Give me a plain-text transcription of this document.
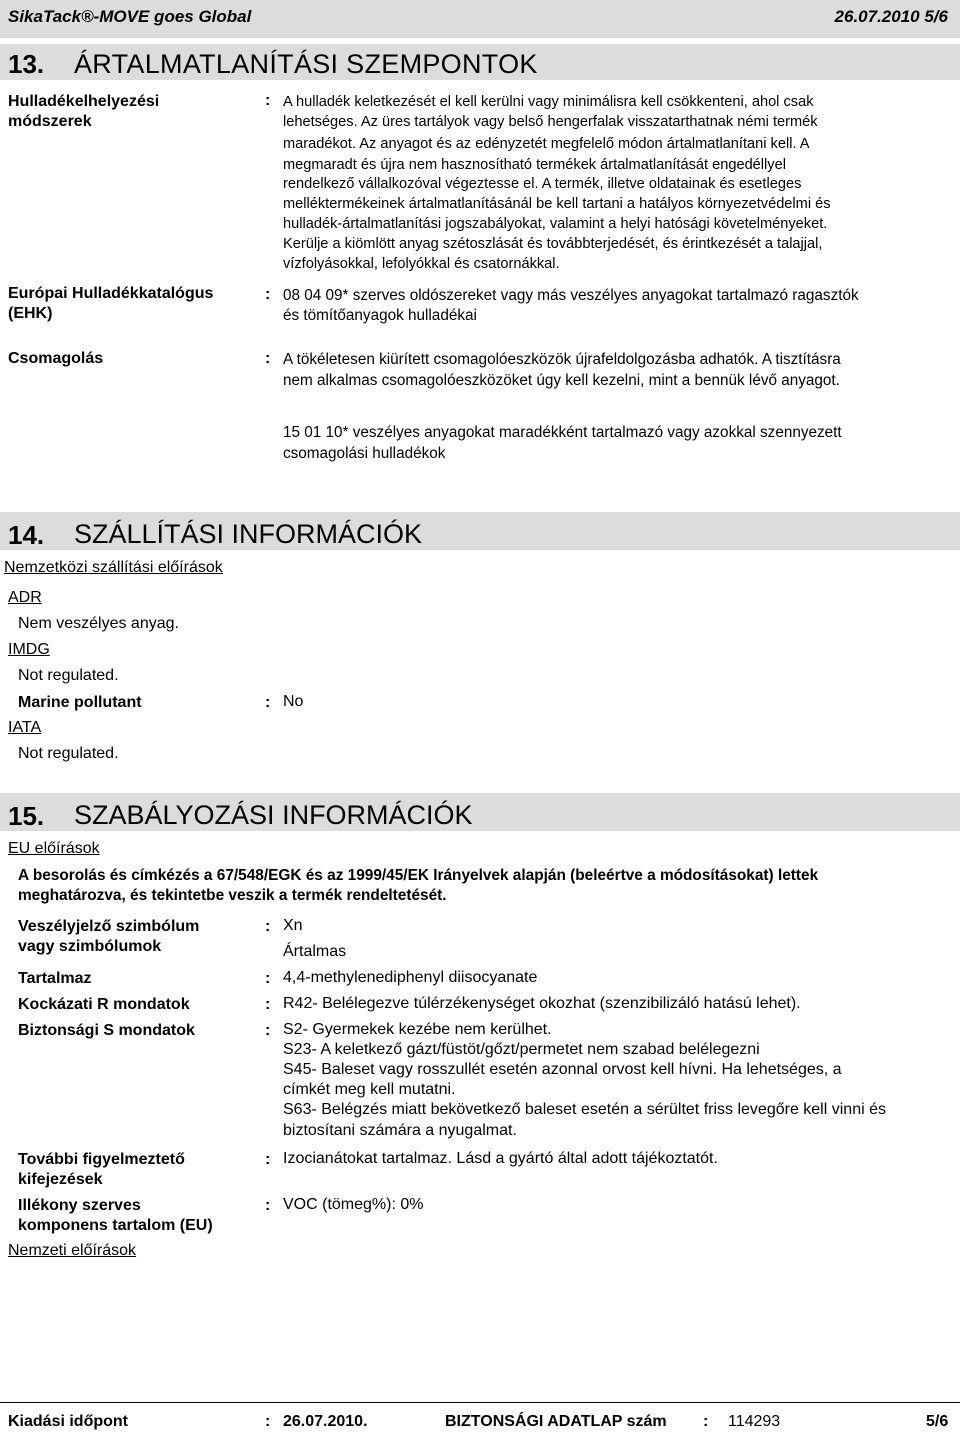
SikaTack®-MOVE goes Global	26.07.2010 5/6
13. ÁRTALMATLANÍTÁSI SZEMPONTOK
Hulladékelhelyezési
módszerek
: A hulladék keletkezését el kell kerülni vagy minimálisra kell csökkenteni, ahol csak
lehetséges. Az üres tartályok vagy belső hengerfalak visszatarthatnak némi termék
maradékot. Az anyagot és az edényzetét megfelelő módon ártalmatlanítani kell. A
megmaradt és újra nem hasznosítható termékek ártalmatlanítását engedéllyel
rendelkező vállalkozóval végeztesse el. A termék, illetve oldatainak és esetleges
melléktermékeinek ártalmatlanításánál be kell tartani a hatályos környezetvédelmi és
hulladék-ártalmatlanítási jogszabályokat, valamint a helyi hatósági követelményeket.
Kerülje a kiömlött anyag szétoszlását és továbbterjedését, és érintkezését a talajjal,
vízfolyásokkal, lefolyókkal és csatornákkal.
Európai Hulladékkatalógus
(EHK)
: 08 04 09* szerves oldószereket vagy más veszélyes anyagokat tartalmazó ragasztók
és tömítőanyagok hulladékai
Csomagolás	: A tökéletesen kiürített csomagolóeszközök újrafeldolgozásba adhatók. A tisztításra
nem alkalmas csomagolóeszközöket úgy kell kezelni, mint a bennük lévő anyagot.
15 01 10* veszélyes anyagokat maradékként tartalmazó vagy azokkal szennyezett
csomagolási hulladékok
14. SZÁLLÍTÁSI INFORMÁCIÓK
Nemzetközi szállítási előírások
ADR
Nem veszélyes anyag.
IMDG
Not regulated.
Marine pollutant	: No
IATA
Not regulated.
15. SZABÁLYOZÁSI INFORMÁCIÓK
EU előírások
A besorolás és címkézés a 67/548/EGK és az 1999/45/EK Irányelvek alapján (beleértve a módosításokat) lettek
meghatározva, és tekintetbe veszik a termék rendeltetését.
Veszélyjelző szimbólum
vagy szimbólumok
: Xn
Ártalmas
Tartalmaz	: 4,4-methylenediphenyl diisocyanate
Kockázati R mondatok	: R42- Belélegezve túlérzékenységet okozhat (szenzibilizáló hatású lehet).
Biztonsági S mondatok	: S2- Gyermekek kezébe nem kerülhet.
S23- A keletkező gázt/füstöt/gőzt/permetet nem szabad belélegezni
S45- Baleset vagy rosszullét esetén azonnal orvost kell hívni. Ha lehetséges, a
címkét meg kell mutatni.
S63- Belégzés miatt bekövetkező baleset esetén a sérültet friss levegőre kell vinni és
biztosítani számára a nyugalmat.
További figyelmeztető
kifejezések
: Izocianátokat tartalmaz. Lásd a gyártó által adott tájékoztatót.
Illékony szerves
komponens tartalom (EU)
: VOC (tömeg%): 0%
Nemzeti előírások
Kiadási időpont	: 26.07.2010.	BIZTONSÁGI ADATLAP szám : 114293	5/6
